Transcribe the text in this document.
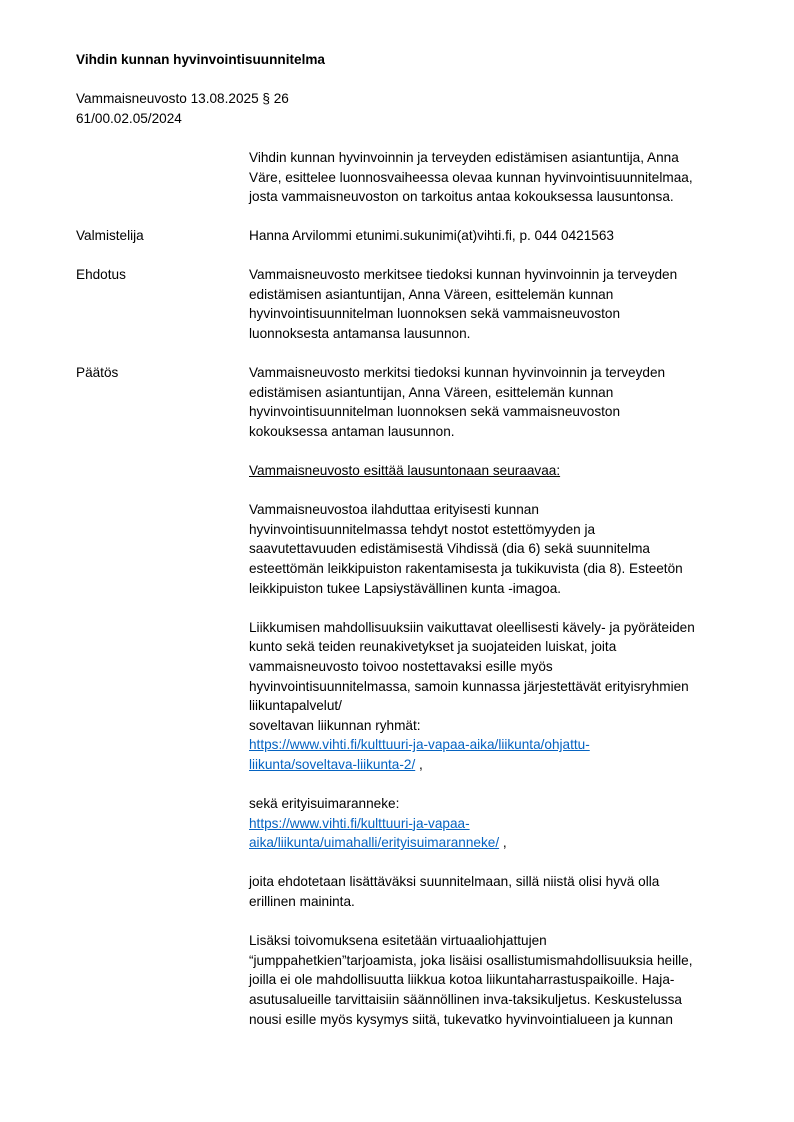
Vihdin kunnan hyvinvointisuunnitelma
Vammaisneuvosto 13.08.2025 § 26
61/00.02.05/2024
Vihdin kunnan hyvinvoinnin ja terveyden edistämisen asiantuntija, Anna
Väre, esittelee luonnosvaiheessa olevaa kunnan hyvinvointisuunnitelmaa,
josta vammaisneuvoston on tarkoitus antaa kokouksessa lausuntonsa.
Valmistelija	Hanna Arvilommi etunimi.sukunimi(at)vihti.fi, p. 044 0421563
Ehdotus	Vammaisneuvosto merkitsee tiedoksi kunnan hyvinvoinnin ja terveyden
edistämisen asiantuntijan, Anna Väreen, esittelemän kunnan
hyvinvointisuunnitelman luonnoksen sekä vammaisneuvoston
luonnoksesta antamansa lausunnon.
Päätös	Vammaisneuvosto merkitsi tiedoksi kunnan hyvinvoinnin ja terveyden
edistämisen asiantuntijan, Anna Väreen, esittelemän kunnan
hyvinvointisuunnitelman luonnoksen sekä vammaisneuvoston
kokouksessa antaman lausunnon.
Vammaisneuvosto esittää lausuntonaan seuraavaa:
Vammaisneuvostoa ilahduttaa erityisesti kunnan
hyvinvointisuunnitelmassa tehdyt nostot estettömyyden ja
saavutettavuuden edistämisestä Vihdissä (dia 6) sekä suunnitelma
esteettömän leikkipuiston rakentamisesta ja tukikuvista (dia 8). Esteetön
leikkipuiston tukee Lapsiystävällinen kunta -imagoa.
Liikkumisen mahdollisuuksiin vaikuttavat oleellisesti kävely- ja pyöräteiden
kunto sekä teiden reunakivetykset ja suojateiden luiskat, joita
vammaisneuvosto toivoo nostettavaksi esille myös
hyvinvointisuunnitelmassa, samoin kunnassa järjestettävät erityisryhmien
liikuntapalvelut/
soveltavan liikunnan ryhmät:
https://www.vihti.fi/kulttuuri-ja-vapaa-aika/liikunta/ohjattu-
liikunta/soveltava-liikunta-2/ ,
sekä erityisuimaranneke:
https://www.vihti.fi/kulttuuri-ja-vapaa-
aika/liikunta/uimahalli/erityisuimaranneke/ ,
joita ehdotetaan lisättäväksi suunnitelmaan, sillä niistä olisi hyvä olla
erillinen maininta.
Lisäksi toivomuksena esitetään virtuaaliohjattujen
“jumppahetkien”tarjoamista, joka lisäisi osallistumismahdollisuuksia heille,
joilla ei ole mahdollisuutta liikkua kotoa liikuntaharrastuspaikoille. Haja-
asutusalueille tarvittaisiin säännöllinen inva-taksikuljetus. Keskustelussa
nousi esille myös kysymys siitä, tukevatko hyvinvointialueen ja kunnan
